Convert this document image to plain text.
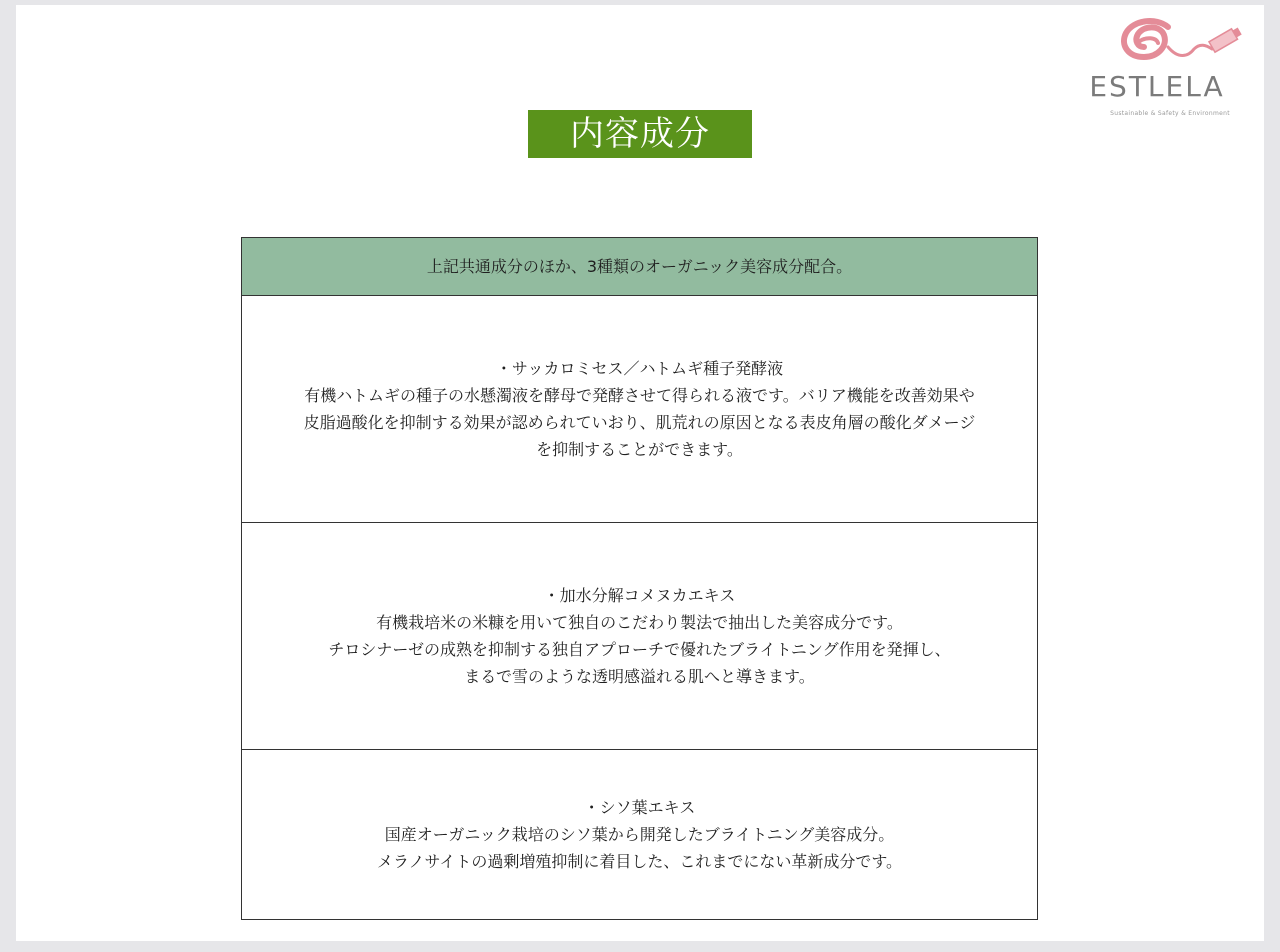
ESTLELA
Sustainable & Safety & Environment
内容成分
上記共通成分のほか、3種類のオーガニック美容成分配合。
・サッカロミセス／ハトムギ種子発酵液
有機ハトムギの種子の水懸濁液を酵母で発酵させて得られる液です。バリア機能を改善効果や
皮脂過酸化を抑制する効果が認められていおり、肌荒れの原因となる表皮角層の酸化ダメージ
を抑制することができます。
・加水分解コメヌカエキス
有機栽培米の米糠を用いて独自のこだわり製法で抽出した美容成分です。
チロシナーゼの成熟を抑制する独自アプローチで優れたブライトニング作用を発揮し、
まるで雪のような透明感溢れる肌へと導きます。
・シソ葉エキス
国産オーガニック栽培のシソ葉から開発したブライトニング美容成分。
メラノサイトの過剰増殖抑制に着目した、これまでにない革新成分です。
